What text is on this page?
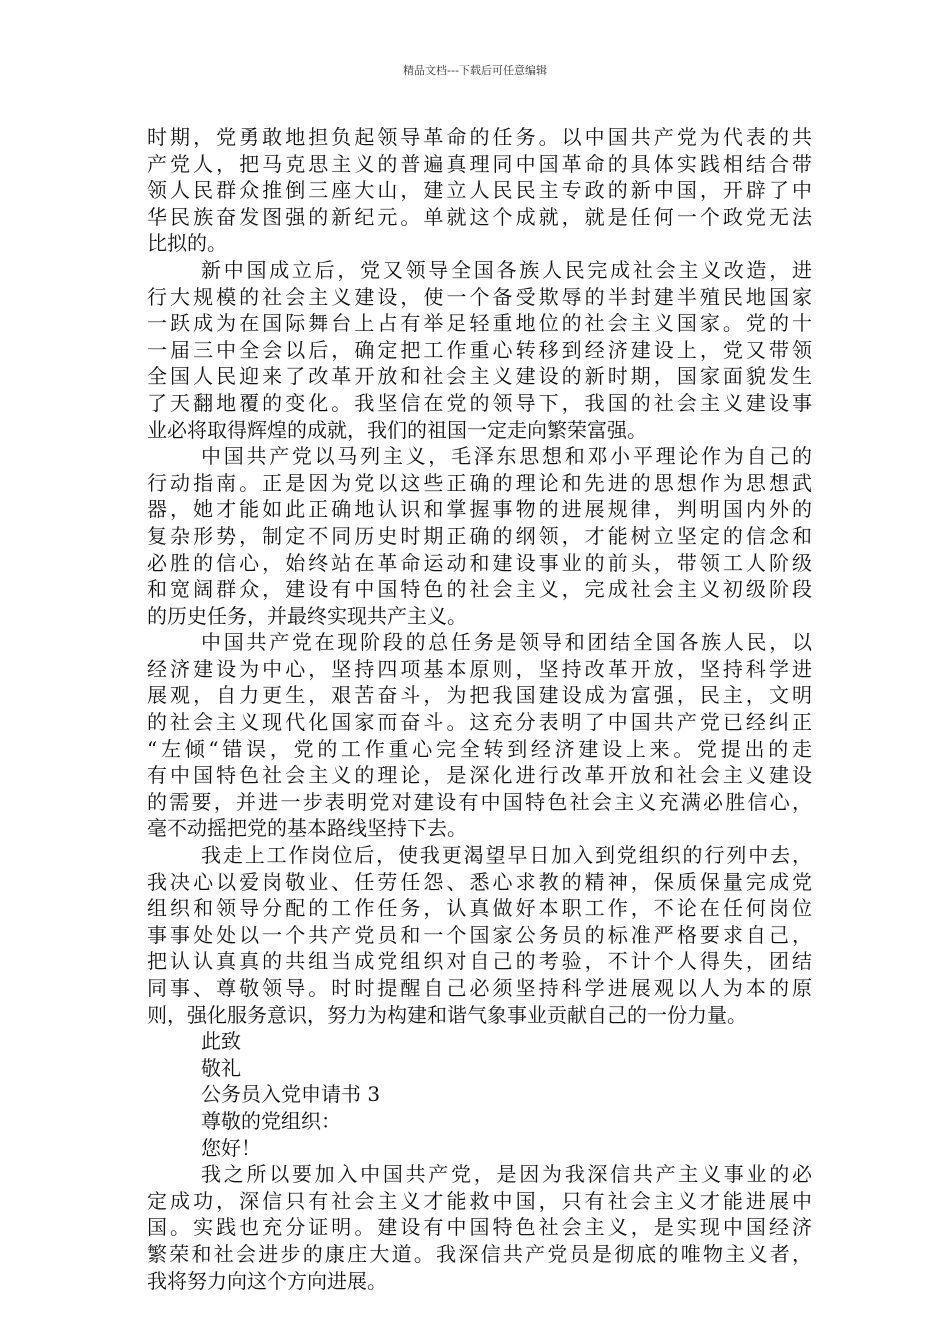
精品文档---下载后可任意编辑
时期，党勇敢地担负起领导革命的任务。以中国共产党为代表的共
产党人，把马克思主义的普遍真理同中国革命的具体实践相结合带
领人民群众推倒三座大山，建立人民民主专政的新中国，开辟了中
华民族奋发图强的新纪元。单就这个成就，就是任何一个政党无法
比拟的。
新中国成立后，党又领导全国各族人民完成社会主义改造，进
行大规模的社会主义建设，使一个备受欺辱的半封建半殖民地国家
一跃成为在国际舞台上占有举足轻重地位的社会主义国家。党的十
一届三中全会以后，确定把工作重心转移到经济建设上，党又带领
全国人民迎来了改革开放和社会主义建设的新时期，国家面貌发生
了天翻地覆的变化。我坚信在党的领导下，我国的社会主义建设事
业必将取得辉煌的成就，我们的祖国一定走向繁荣富强。
中国共产党以马列主义，毛泽东思想和邓小平理论作为自己的
行动指南。正是因为党以这些正确的理论和先进的思想作为思想武
器，她才能如此正确地认识和掌握事物的进展规律，判明国内外的
复杂形势，制定不同历史时期正确的纲领，才能树立坚定的信念和
必胜的信心，始终站在革命运动和建设事业的前头，带领工人阶级
和宽阔群众，建设有中国特色的社会主义，完成社会主义初级阶段
的历史任务，并最终实现共产主义。
中国共产党在现阶段的总任务是领导和团结全国各族人民，以
经济建设为中心，坚持四项基本原则，坚持改革开放，坚持科学进
展观，自力更生，艰苦奋斗，为把我国建设成为富强，民主，文明
的社会主义现代化国家而奋斗。这充分表明了中国共产党已经纠正
“左倾“错误，党的工作重心完全转到经济建设上来。党提出的走
有中国特色社会主义的理论，是深化进行改革开放和社会主义建设
的需要，并进一步表明党对建设有中国特色社会主义充满必胜信心，
毫不动摇把党的基本路线坚持下去。
我走上工作岗位后，使我更渴望早日加入到党组织的行列中去，
我决心以爱岗敬业、任劳任怨、悉心求教的精神，保质保量完成党
组织和领导分配的工作任务，认真做好本职工作，不论在任何岗位
事事处处以一个共产党员和一个国家公务员的标准严格要求自己，
把认认真真的共组当成党组织对自己的考验，不计个人得失，团结
同事、尊敬领导。时时提醒自己必须坚持科学进展观以人为本的原
则，强化服务意识，努力为构建和谐气象事业贡献自己的一份力量。
此致
敬礼
公务员入党申请书 3
尊敬的党组织：
您好！
我之所以要加入中国共产党，是因为我深信共产主义事业的必
定成功，深信只有社会主义才能救中国，只有社会主义才能进展中
国。实践也充分证明。建设有中国特色社会主义，是实现中国经济
繁荣和社会进步的康庄大道。我深信共产党员是彻底的唯物主义者，
我将努力向这个方向进展。
